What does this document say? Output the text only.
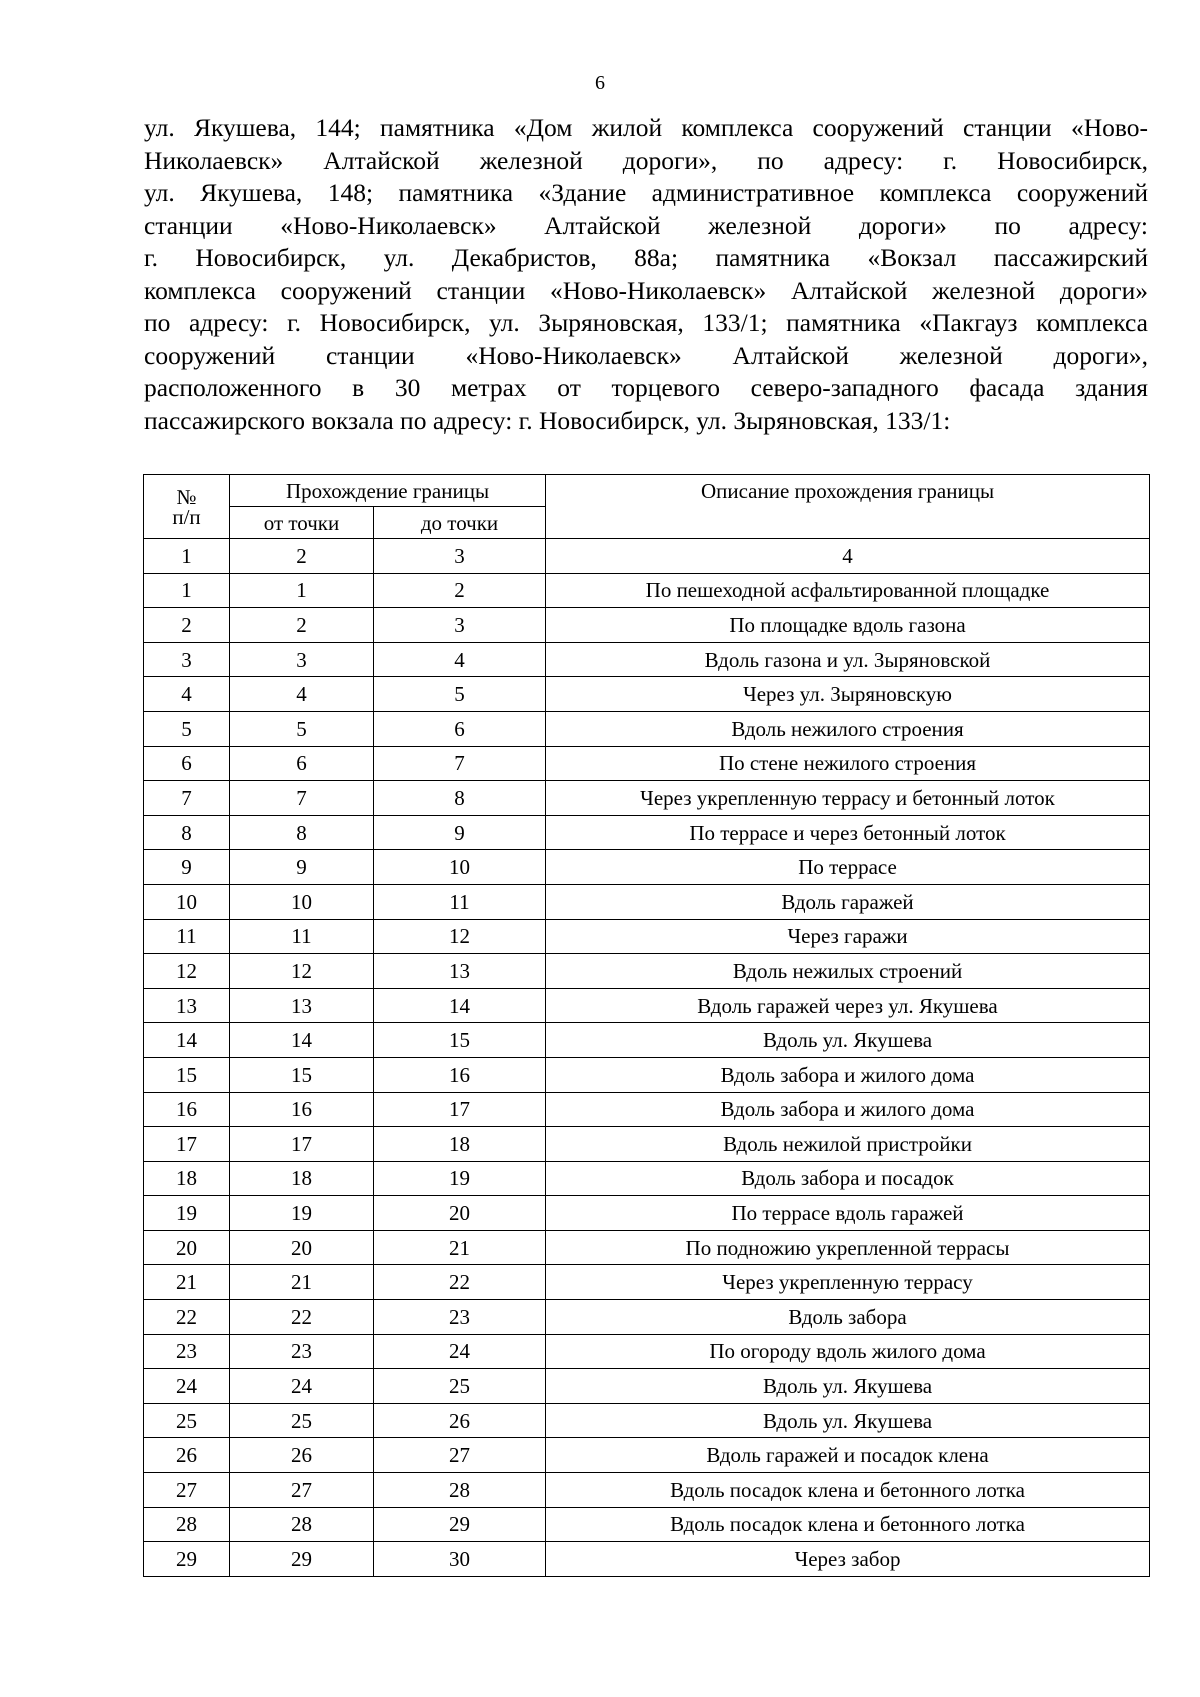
6
ул. Якушева, 144; памятника «Дом жилой комплекса сооружений станции «Ново-
Николаевск» Алтайской железной дороги», по адресу: г. Новосибирск,
ул. Якушева, 148; памятника «Здание административное комплекса сооружений
станции «Ново-Николаевск» Алтайской железной дороги» по адресу:
г. Новосибирск, ул. Декабристов, 88а; памятника «Вокзал пассажирский
комплекса сооружений станции «Ново-Николаевск» Алтайской железной дороги»
по адресу: г. Новосибирск, ул. Зыряновская, 133/1; памятника «Пакгауз комплекса
сооружений станции «Ново-Николаевск» Алтайской железной дороги»,
расположенного в 30 метрах от торцевого северо-западного фасада здания
пассажирского вокзала по адресу: г. Новосибирск, ул. Зыряновская, 133/1:
№
п/п	Прохождение границы		Описание прохождения границы
	от точки	до точки	
1	2	3	4
1	1	2	По пешеходной асфальтированной площадке
2	2	3	По площадке вдоль газона
3	3	4	Вдоль газона и ул. Зыряновской
4	4	5	Через ул. Зыряновскую
5	5	6	Вдоль нежилого строения
6	6	7	По стене нежилого строения
7	7	8	Через укрепленную террасу и бетонный лоток
8	8	9	По террасе и через бетонный лоток
9	9	10	По террасе
10	10	11	Вдоль гаражей
11	11	12	Через гаражи
12	12	13	Вдоль нежилых строений
13	13	14	Вдоль гаражей через ул. Якушева
14	14	15	Вдоль ул. Якушева
15	15	16	Вдоль забора и жилого дома
16	16	17	Вдоль забора и жилого дома
17	17	18	Вдоль нежилой пристройки
18	18	19	Вдоль забора и посадок
19	19	20	По террасе вдоль гаражей
20	20	21	По подножию укрепленной террасы
21	21	22	Через укрепленную террасу
22	22	23	Вдоль забора
23	23	24	По огороду вдоль жилого дома
24	24	25	Вдоль ул. Якушева
25	25	26	Вдоль ул. Якушева
26	26	27	Вдоль гаражей и посадок клена
27	27	28	Вдоль посадок клена и бетонного лотка
28	28	29	Вдоль посадок клена и бетонного лотка
29	29	30	Через забор
